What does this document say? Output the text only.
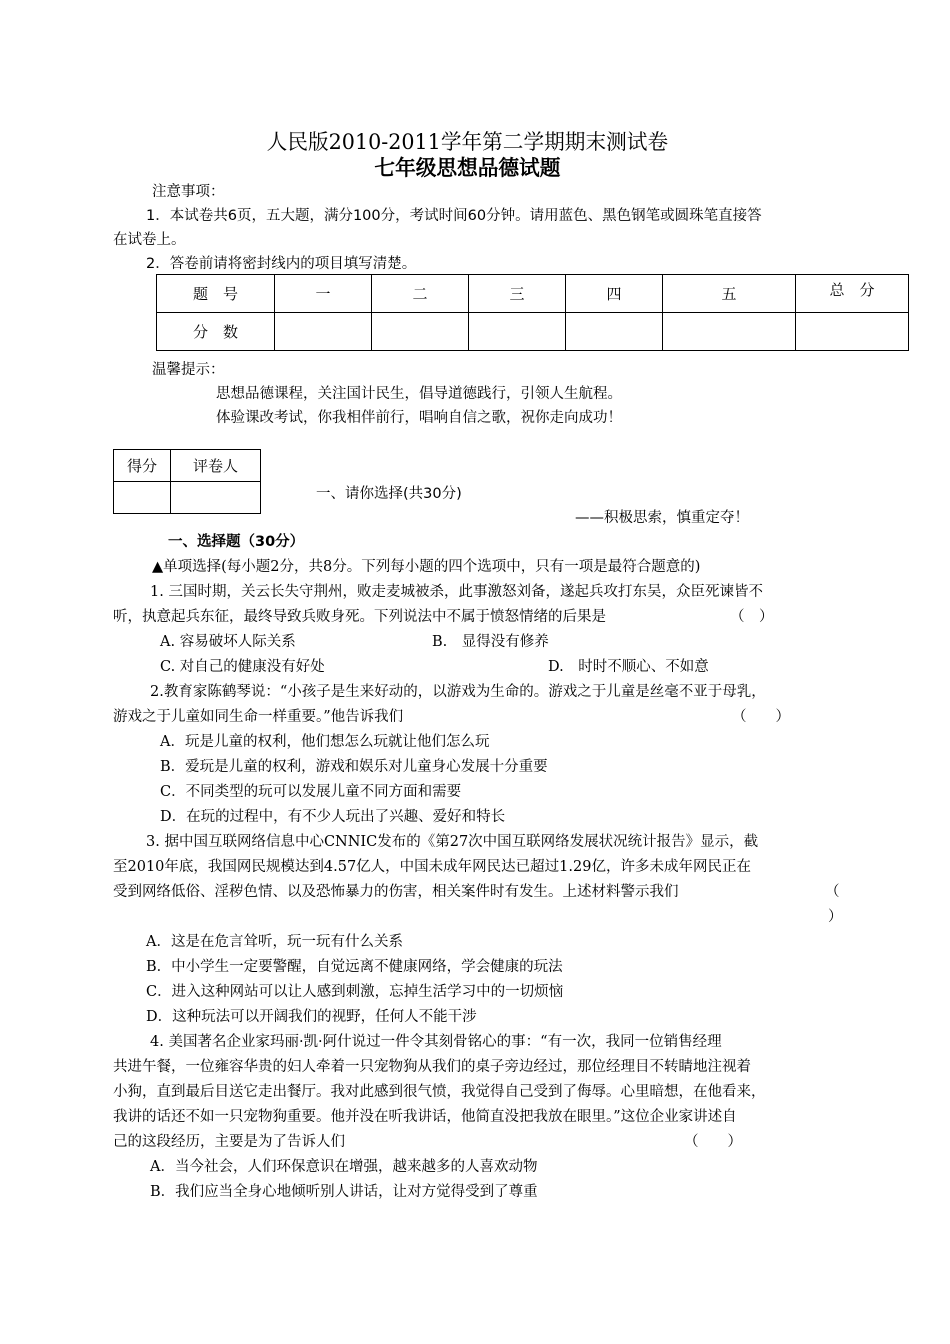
人民版2010-2011学年第二学期期末测试卷
七年级思想品德试题
注意事项：
1．本试卷共6页，五大题，满分100分，考试时间60分钟。请用蓝色、黑色钢笔或圆珠笔直接答
在试卷上。
2．答卷前请将密封线内的项目填写清楚。
题　号	一	二	三	四	五	总　分
分　数						
温馨提示：
思想品德课程，关注国计民生，倡导道德践行，引领人生航程。
体验课改考试，你我相伴前行，唱响自信之歌，祝你走向成功！
得分	评卷人

一、请你选择(共30分)
——积极思索，慎重定夺！
一、选择题（30分）
▲单项选择(每小题2分，共8分。下列每小题的四个选项中，只有一项是最符合题意的)
1. 三国时期，关云长失守荆州，败走麦城被杀，此事激怒刘备，遂起兵攻打东吴，众臣死谏皆不
听，执意起兵东征，最终导致兵败身死。下列说法中不属于愤怒情绪的后果是	（　）
A. 容易破坏人际关系	B.　显得没有修养
C. 对自己的健康没有好处	D.　时时不顺心、不如意
2.教育家陈鹤琴说：“小孩子是生来好动的，以游戏为生命的。游戏之于儿童是丝毫不亚于母乳，
游戏之于儿童如同生命一样重要。”他告诉我们	（　　）
A．玩是儿童的权利，他们想怎么玩就让他们怎么玩
B．爱玩是儿童的权利，游戏和娱乐对儿童身心发展十分重要
C．不同类型的玩可以发展儿童不同方面和需要
D．在玩的过程中，有不少人玩出了兴趣、爱好和特长
3. 据中国互联网络信息中心CNNIC发布的《第27次中国互联网络发展状况统计报告》显示，截
至2010年底，我国网民规模达到4.57亿人，中国未成年网民达已超过1.29亿，许多未成年网民正在
受到网络低俗、淫秽色情、以及恐怖暴力的伤害，相关案件时有发生。上述材料警示我们	（
）
A．这是在危言耸听，玩一玩有什么关系
B．中小学生一定要警醒，自觉远离不健康网络，学会健康的玩法
C．进入这种网站可以让人感到刺激，忘掉生活学习中的一切烦恼
D．这种玩法可以开阔我们的视野，任何人不能干涉
4. 美国著名企业家玛丽·凯·阿什说过一件令其刻骨铭心的事：“有一次，我同一位销售经理
共进午餐，一位雍容华贵的妇人牵着一只宠物狗从我们的桌子旁边经过，那位经理目不转睛地注视着
小狗，直到最后目送它走出餐厅。我对此感到很气愤，我觉得自己受到了侮辱。心里暗想，在他看来，
我讲的话还不如一只宠物狗重要。他并没在听我讲话，他简直没把我放在眼里。”这位企业家讲述自
己的这段经历，主要是为了告诉人们	（　　）
A．当今社会，人们环保意识在增强，越来越多的人喜欢动物
B．我们应当全身心地倾听别人讲话，让对方觉得受到了尊重
